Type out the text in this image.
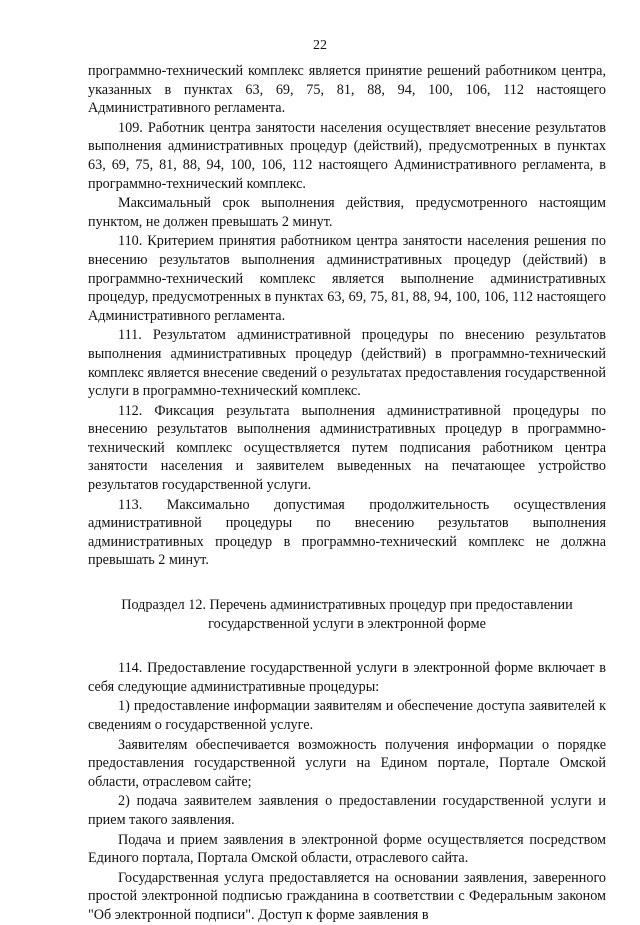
22

программно-технический комплекс является принятие решений работником центра, указанных в пунктах 63, 69, 75, 81, 88, 94, 100, 106, 112 настоящего Административного регламента.

109. Работник центра занятости населения осуществляет внесение результатов выполнения административных процедур (действий), предусмотренных в пунктах 63, 69, 75, 81, 88, 94, 100, 106, 112 настоящего Административного регламента, в программно-технический комплекс.

Максимальный срок выполнения действия, предусмотренного настоящим пунктом, не должен превышать 2 минут.

110. Критерием принятия работником центра занятости населения решения по внесению результатов выполнения административных процедур (действий) в программно-технический комплекс является выполнение административных процедур, предусмотренных в пунктах 63, 69, 75, 81, 88, 94, 100, 106, 112 настоящего Административного регламента.

111. Результатом административной процедуры по внесению результатов выполнения административных процедур (действий) в программно-технический комплекс является внесение сведений о результатах предоставления государственной услуги в программно-технический комплекс.

112. Фиксация результата выполнения административной процедуры по внесению результатов выполнения административных процедур в программно-технический комплекс осуществляется путем подписания работником центра занятости населения и заявителем выведенных на печатающее устройство результатов государственной услуги.

113. Максимально допустимая продолжительность осуществления административной процедуры по внесению результатов выполнения административных процедур в программно-технический комплекс не должна превышать 2 минут.

Подраздел 12. Перечень административных процедур при предоставлении
государственной услуги в электронной форме

114. Предоставление государственной услуги в электронной форме включает в себя следующие административные процедуры:

1) предоставление информации заявителям и обеспечение доступа заявителей к сведениям о государственной услуге.

Заявителям обеспечивается возможность получения информации о порядке предоставления государственной услуги на Едином портале, Портале Омской области, отраслевом сайте;

2) подача заявителем заявления о предоставлении государственной услуги и прием такого заявления.

Подача и прием заявления в электронной форме осуществляется посредством Единого портала, Портала Омской области, отраслевого сайта.

Государственная услуга предоставляется на основании заявления, заверенного простой электронной подписью гражданина в соответствии с Федеральным законом "Об электронной подписи". Доступ к форме заявления в
